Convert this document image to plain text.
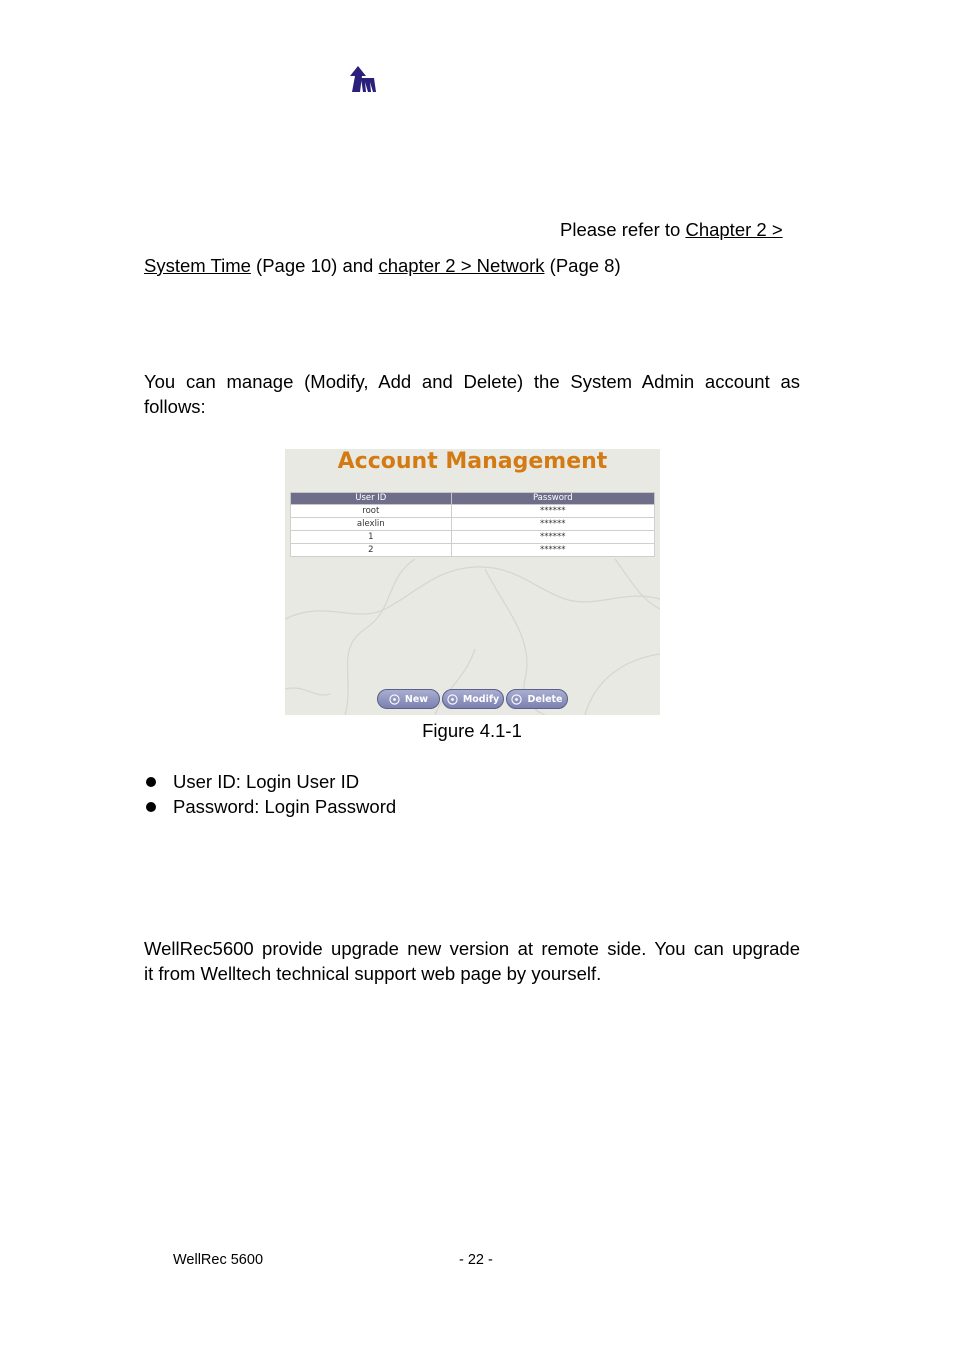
Please refer to Chapter 2 >
System Time (Page 10) and chapter 2 > Network (Page 8)
You can manage (Modify, Add and Delete) the System Admin account as
follows:
Account Management
User ID	Password
root	******
alexlin	******
1	******
2	******
New	Modify	Delete
Figure 4.1-1
User ID: Login User ID
Password: Login Password
WellRec5600 provide upgrade new version at remote side. You can upgrade
it from Welltech technical support web page by yourself.
WellRec 5600	- 22 -
